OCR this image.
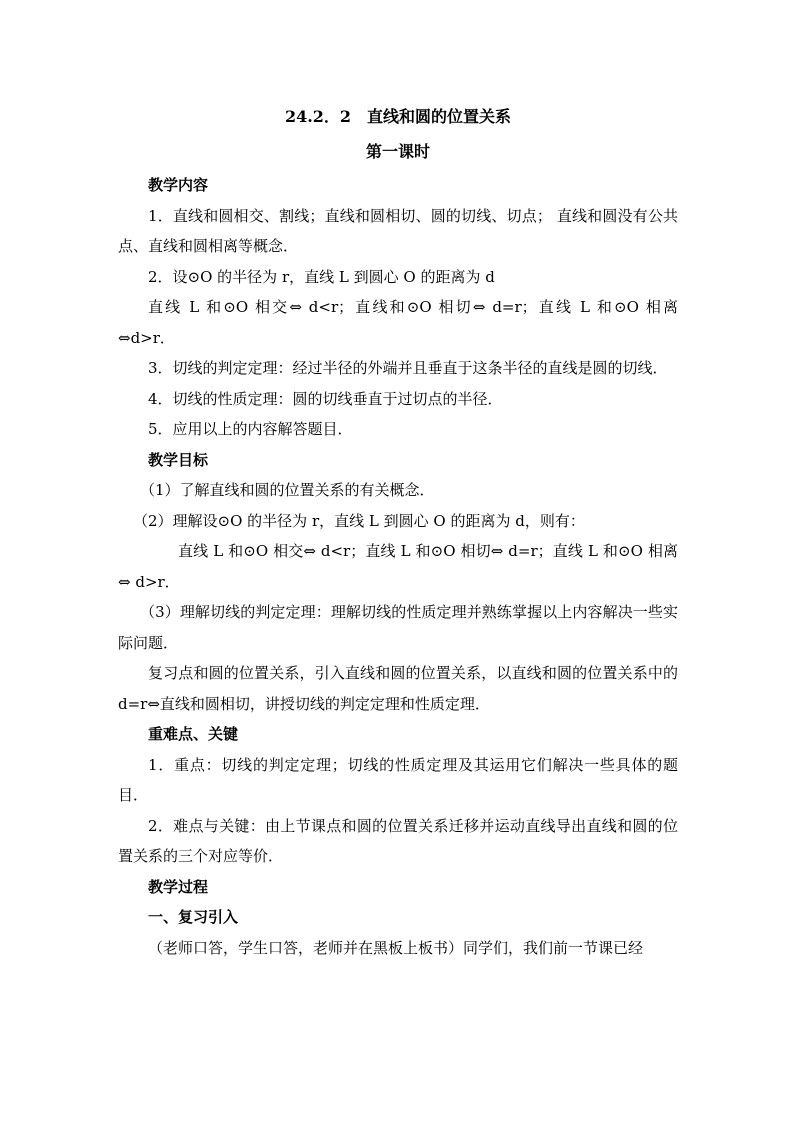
24.2．2　直线和圆的位置关系

第一课时

教学内容

1．直线和圆相交、割线；直线和圆相切、圆的切线、切点； 直线和圆没有公共点、直线和圆相离等概念．

2．设⊙O 的半径为 r，直线 L 到圆心 O 的距离为 d

直线 L 和⊙O 相交⇔ d<r；直线和⊙O 相切⇔ d=r；直线 L 和⊙O 相离⇔d>r．

3．切线的判定定理：经过半径的外端并且垂直于这条半径的直线是圆的切线．

4．切线的性质定理：圆的切线垂直于过切点的半径．

5．应用以上的内容解答题目．

教学目标

（1）了解直线和圆的位置关系的有关概念．

（2）理解设⊙O 的半径为 r，直线 L 到圆心 O 的距离为 d，则有：

直线 L 和⊙O 相交⇔ d<r；直线 L 和⊙O 相切⇔ d=r；直线 L 和⊙O 相离⇔ d>r．

（3）理解切线的判定定理：理解切线的性质定理并熟练掌握以上内容解决一些实际问题．

复习点和圆的位置关系，引入直线和圆的位置关系，以直线和圆的位置关系中的 d=r⇔直线和圆相切，讲授切线的判定定理和性质定理．

重难点、关键

1．重点：切线的判定定理；切线的性质定理及其运用它们解决一些具体的题目．

2．难点与关键：由上节课点和圆的位置关系迁移并运动直线导出直线和圆的位置关系的三个对应等价．

教学过程

一、复习引入

（老师口答，学生口答，老师并在黑板上板书）同学们，我们前一节课已经
